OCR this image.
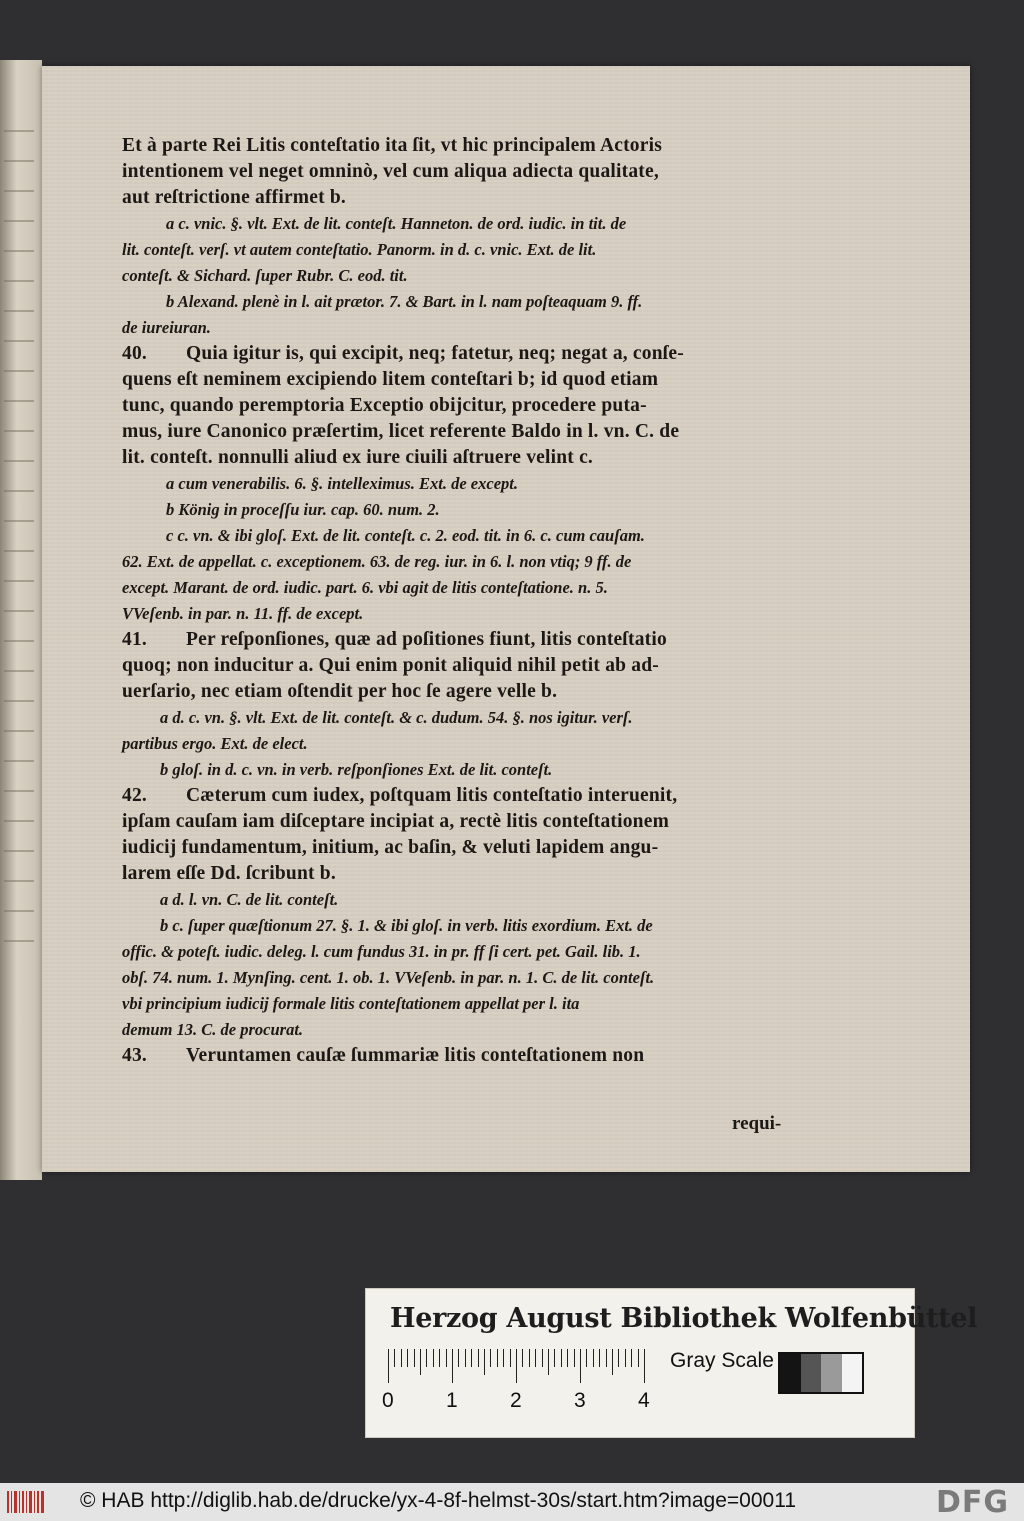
Et à parte Rei Litis conteſtatio ita ſit, vt hic principalem Actoris
intentionem vel neget omninò, vel cum aliqua adiecta qualitate,
aut reſtrictione affirmet b.
a c. vnic. §. vlt. Ext. de lit. conteſt. Hanneton. de ord. iudic. in tit. de
lit. conteſt. verſ. vt autem conteſtatio. Panorm. in d. c. vnic. Ext. de lit.
conteſt. & Sichard. ſuper Rubr. C. eod. tit.
b Alexand. plenè in l. ait prætor. 7. & Bart. in l. nam poſteaquam 9. ff.
de iureiuran.
40. Quia igitur is, qui excipit, neq; fatetur, neq; negat a, conſe-
quens eſt neminem excipiendo litem conteſtari b; id quod etiam
tunc, quando peremptoria Exceptio obijcitur, procedere puta-
mus, iure Canonico præſertim, licet referente Baldo in l. vn. C. de
lit. conteſt. nonnulli aliud ex iure ciuili aſtruere velint c.
a cum venerabilis. 6. §. intelleximus. Ext. de except.
b König in proceſſu iur. cap. 60. num. 2.
c c. vn. & ibi gloſ. Ext. de lit. conteſt. c. 2. eod. tit. in 6. c. cum cauſam.
62. Ext. de appellat. c. exceptionem. 63. de reg. iur. in 6. l. non vtiq; 9 ff. de
except. Marant. de ord. iudic. part. 6. vbi agit de litis conteſtatione. n. 5.
VVeſenb. in par. n. 11. ff. de except.
41. Per reſponſiones, quæ ad poſitiones fiunt, litis conteſtatio
quoq; non inducitur a. Qui enim ponit aliquid nihil petit ab ad-
uerſario, nec etiam oſtendit per hoc ſe agere velle b.
a d. c. vn. §. vlt. Ext. de lit. conteſt. & c. dudum. 54. §. nos igitur. verſ.
partibus ergo. Ext. de elect.
b gloſ. in d. c. vn. in verb. reſponſiones Ext. de lit. conteſt.
42. Cæterum cum iudex, poſtquam litis conteſtatio interuenit,
ipſam cauſam iam diſceptare incipiat a, rectè litis conteſtationem
iudicij fundamentum, initium, ac baſin, & veluti lapidem angu-
larem eſſe Dd. ſcribunt b.
a d. l. vn. C. de lit. conteſt.
b c. ſuper quæſtionum 27. §. 1. & ibi gloſ. in verb. litis exordium. Ext. de
offic. & poteſt. iudic. deleg. l. cum fundus 31. in pr. ff ſi cert. pet. Gail. lib. 1.
obſ. 74. num. 1. Mynſing. cent. 1. ob. 1. VVeſenb. in par. n. 1. C. de lit. conteſt.
vbi principium iudicij formale litis conteſtationem appellat per l. ita
demum 13. C. de procurat.
43. Veruntamen cauſæ ſummariæ litis conteſtationem non
requi-
Herzog August Bibliothek Wolfenbüttel
0 1 2 3 4
Gray Scale
© HAB http://diglib.hab.de/drucke/yx-4-8f-helmst-30s/start.htm?image=00011	DFG
